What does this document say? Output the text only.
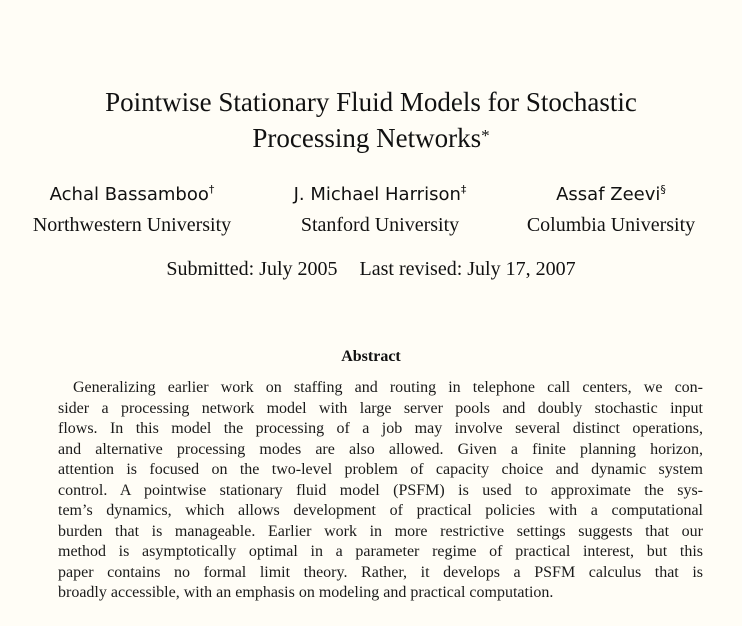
Pointwise Stationary Fluid Models for Stochastic
Processing Networks*
Achal Bassamboo†
Northwestern University
J. Michael Harrison‡
Stanford University
Assaf Zeevi§
Columbia University
Submitted: July 2005 Last revised: July 17, 2007
Abstract
Generalizing earlier work on staffing and routing in telephone call centers, we con-
sider a processing network model with large server pools and doubly stochastic input
flows. In this model the processing of a job may involve several distinct operations,
and alternative processing modes are also allowed. Given a finite planning horizon,
attention is focused on the two-level problem of capacity choice and dynamic system
control. A pointwise stationary fluid model (PSFM) is used to approximate the sys-
tem’s dynamics, which allows development of practical policies with a computational
burden that is manageable. Earlier work in more restrictive settings suggests that our
method is asymptotically optimal in a parameter regime of practical interest, but this
paper contains no formal limit theory. Rather, it develops a PSFM calculus that is
broadly accessible, with an emphasis on modeling and practical computation.
